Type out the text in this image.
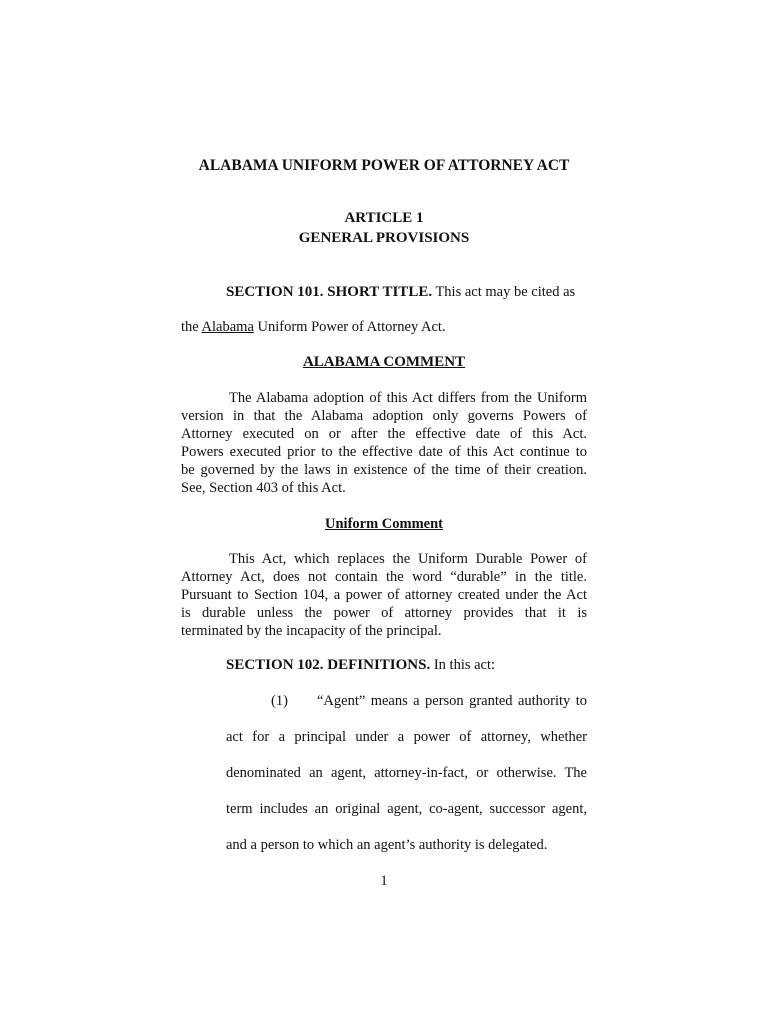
ALABAMA UNIFORM POWER OF ATTORNEY ACT
ARTICLE 1
GENERAL PROVISIONS
SECTION 101. SHORT TITLE. This act may be cited as
the Alabama Uniform Power of Attorney Act.
ALABAMA COMMENT
The Alabama adoption of this Act differs from the Uniform
version in that the Alabama adoption only governs Powers of
Attorney executed on or after the effective date of this Act.
Powers executed prior to the effective date of this Act continue to
be governed by the laws in existence of the time of their creation.
See, Section 403 of this Act.
Uniform Comment
This Act, which replaces the Uniform Durable Power of
Attorney Act, does not contain the word “durable” in the title.
Pursuant to Section 104, a power of attorney created under the Act
is durable unless the power of attorney provides that it is
terminated by the incapacity of the principal.
SECTION 102. DEFINITIONS. In this act:
(1) “Agent” means a person granted authority to
act for a principal under a power of attorney, whether
denominated an agent, attorney-in-fact, or otherwise. The
term includes an original agent, co-agent, successor agent,
and a person to which an agent’s authority is delegated.
1
